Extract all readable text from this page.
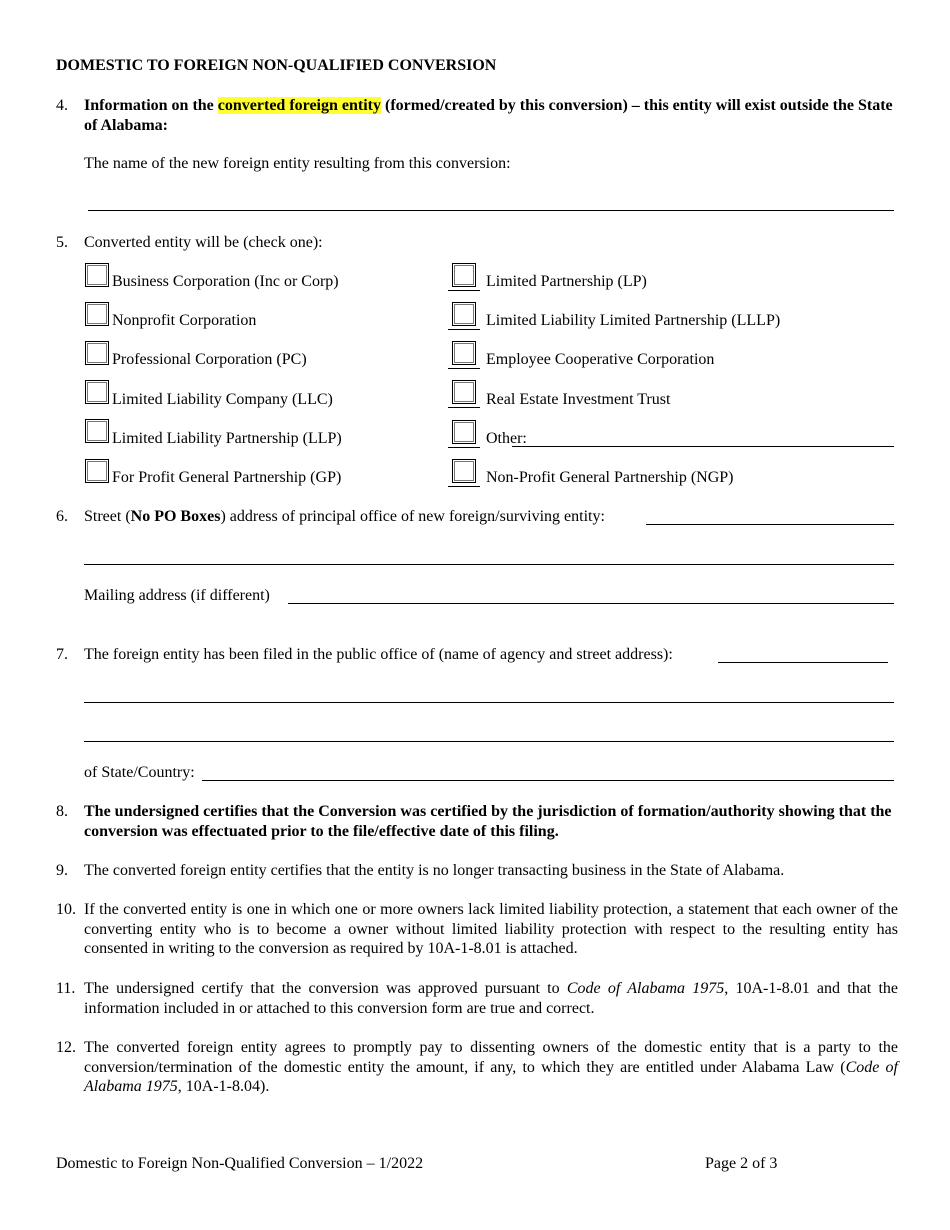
DOMESTIC TO FOREIGN NON-QUALIFIED CONVERSION
4. Information on the converted foreign entity (formed/created by this conversion) – this entity will exist outside the State of Alabama:
The name of the new foreign entity resulting from this conversion:
5. Converted entity will be (check one):
Business Corporation (Inc or Corp)
Nonprofit Corporation
Professional Corporation (PC)
Limited Liability Company (LLC)
Limited Liability Partnership (LLP)
For Profit General Partnership (GP)
Limited Partnership (LP)
Limited Liability Limited Partnership (LLLP)
Employee Cooperative Corporation
Real Estate Investment Trust
Other:
Non-Profit General Partnership (NGP)
6. Street (No PO Boxes) address of principal office of new foreign/surviving entity:
Mailing address (if different)
7. The foreign entity has been filed in the public office of (name of agency and street address):
of State/Country:
8. The undersigned certifies that the Conversion was certified by the jurisdiction of formation/authority showing that the conversion was effectuated prior to the file/effective date of this filing.
9. The converted foreign entity certifies that the entity is no longer transacting business in the State of Alabama.
10. If the converted entity is one in which one or more owners lack limited liability protection, a statement that each owner of the converting entity who is to become a owner without limited liability protection with respect to the resulting entity has consented in writing to the conversion as required by 10A-1-8.01 is attached.
11. The undersigned certify that the conversion was approved pursuant to Code of Alabama 1975, 10A-1-8.01 and that the information included in or attached to this conversion form are true and correct.
12. The converted foreign entity agrees to promptly pay to dissenting owners of the domestic entity that is a party to the conversion/termination of the domestic entity the amount, if any, to which they are entitled under Alabama Law (Code of Alabama 1975, 10A-1-8.04).
Domestic to Foreign Non-Qualified Conversion – 1/2022	Page 2 of 3
